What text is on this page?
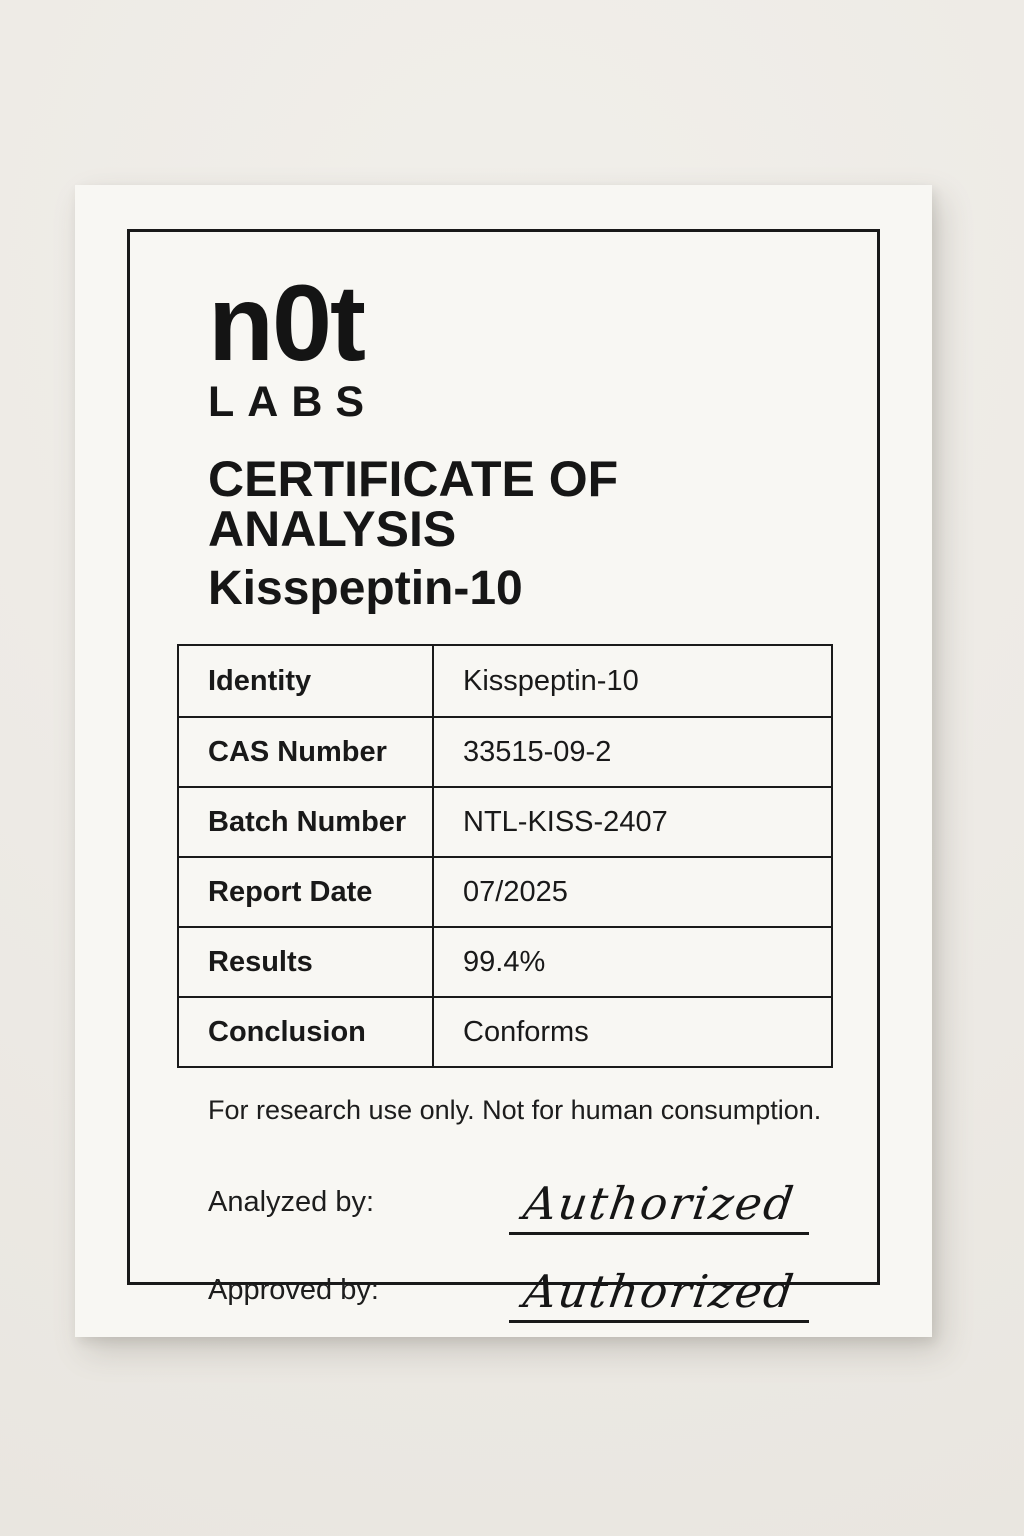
n0t
LABS
CERTIFICATE OF ANALYSIS
Kisspeptin-10
Identity	Kisspeptin-10
CAS Number	33515-09-2
Batch Number	NTL-KISS-2407
Report Date	07/2025
Results	99.4%
Conclusion	Conforms
For research use only. Not for human consumption.
Analyzed by:	Authorized
Approved by:	Authorized
